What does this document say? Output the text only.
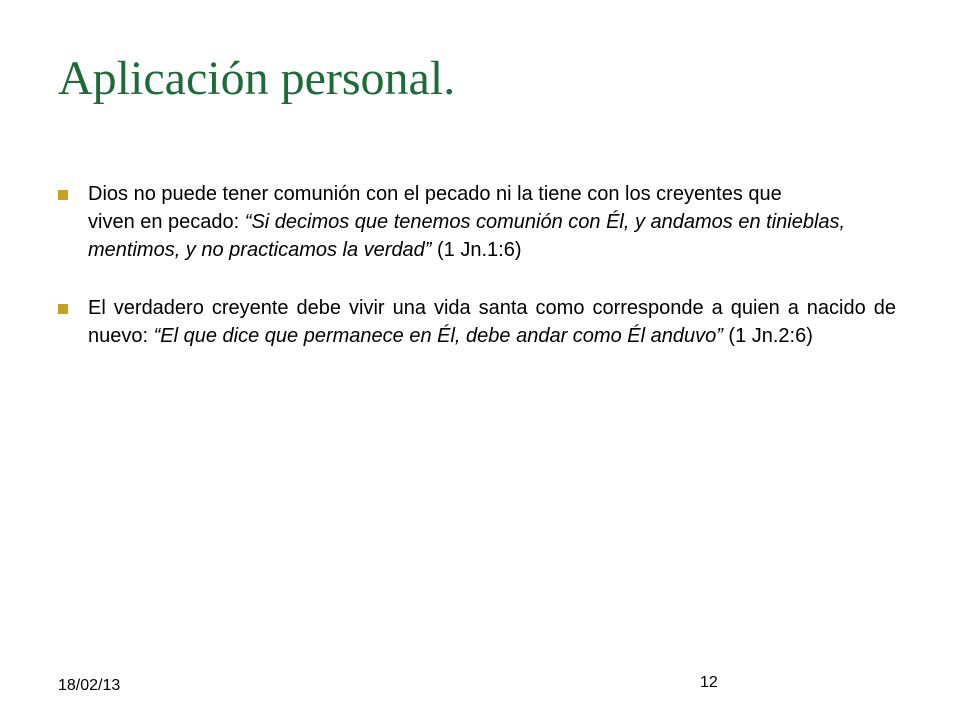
Aplicación personal.

Dios no puede tener comunión con el pecado ni la tiene con los creyentes que
viven en pecado: “Si decimos que tenemos comunión con Él, y andamos en tinieblas, mentimos, y no practicamos la verdad” (1 Jn.1:6)

El verdadero creyente debe vivir una vida santa como corresponde a quien a nacido de nuevo: “El que dice que permanece en Él, debe andar como Él anduvo” (1 Jn.2:6)

18/02/13	12
